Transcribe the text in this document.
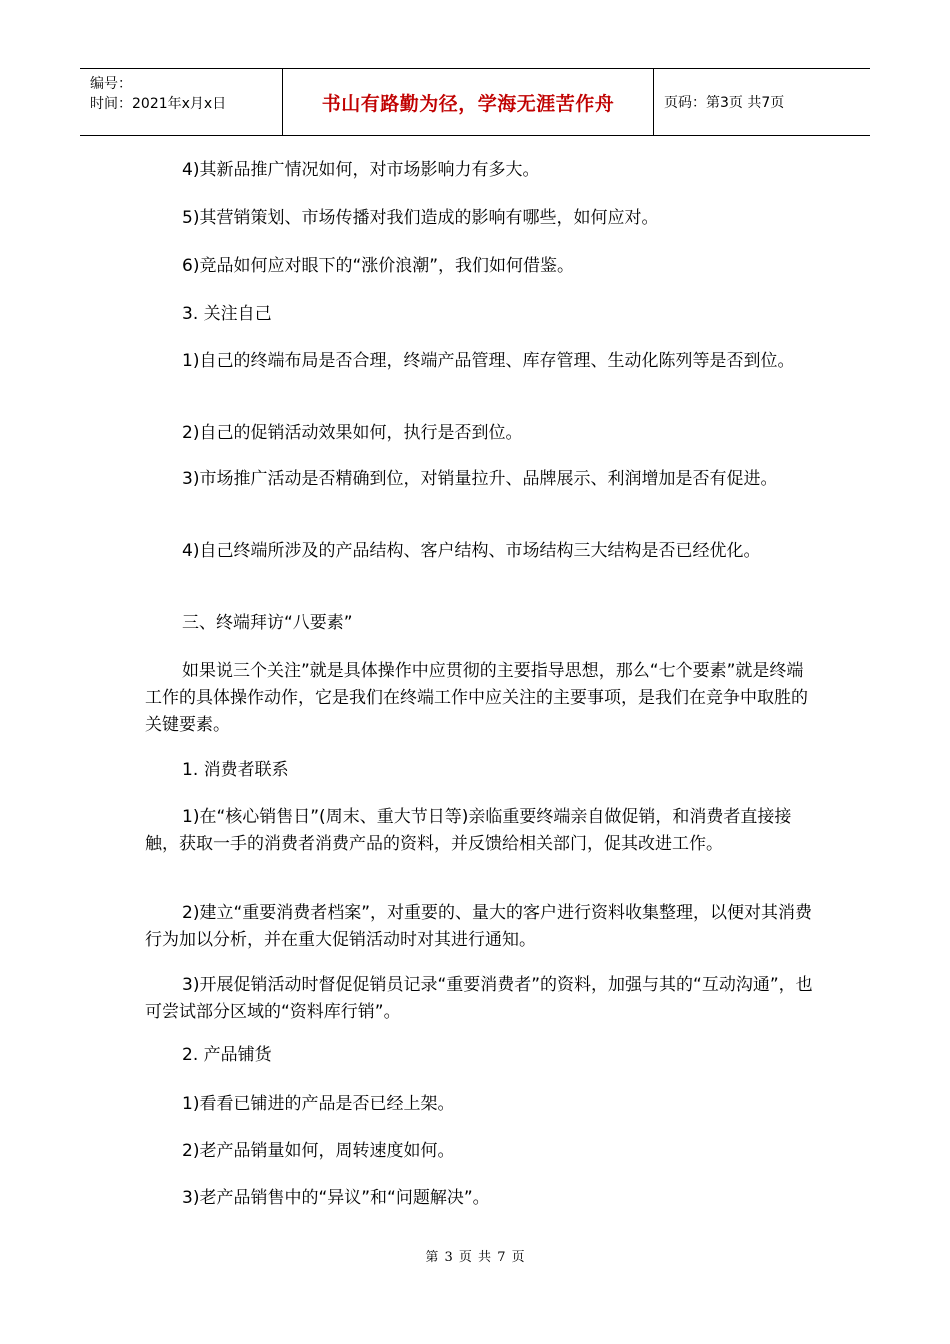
编号：
时间：2021年x月x日	书山有路勤为径，学海无涯苦作舟	页码：第3页 共7页

4)其新品推广情况如何，对市场影响力有多大。

5)其营销策划、市场传播对我们造成的影响有哪些，如何应对。

6)竞品如何应对眼下的“涨价浪潮”，我们如何借鉴。

3. 关注自己

1)自己的终端布局是否合理，终端产品管理、库存管理、生动化陈列等是否到位。

2)自己的促销活动效果如何，执行是否到位。

3)市场推广活动是否精确到位，对销量拉升、品牌展示、利润增加是否有促进。

4)自己终端所涉及的产品结构、客户结构、市场结构三大结构是否已经优化。

三、终端拜访“八要素”

如果说三个关注”就是具体操作中应贯彻的主要指导思想，那么“七个要素”就是终端工作的具体操作动作，它是我们在终端工作中应关注的主要事项，是我们在竞争中取胜的关键要素。

1. 消费者联系

1)在“核心销售日”(周末、重大节日等)亲临重要终端亲自做促销，和消费者直接接触，获取一手的消费者消费产品的资料，并反馈给相关部门，促其改进工作。

2)建立“重要消费者档案”，对重要的、量大的客户进行资料收集整理，以便对其消费行为加以分析，并在重大促销活动时对其进行通知。

3)开展促销活动时督促促销员记录“重要消费者”的资料，加强与其的“互动沟通”，也可尝试部分区域的“资料库行销”。

2. 产品铺货

1)看看已铺进的产品是否已经上架。

2)老产品销量如何，周转速度如何。

3)老产品销售中的“异议”和“问题解决”。

第 3 页 共 7 页
